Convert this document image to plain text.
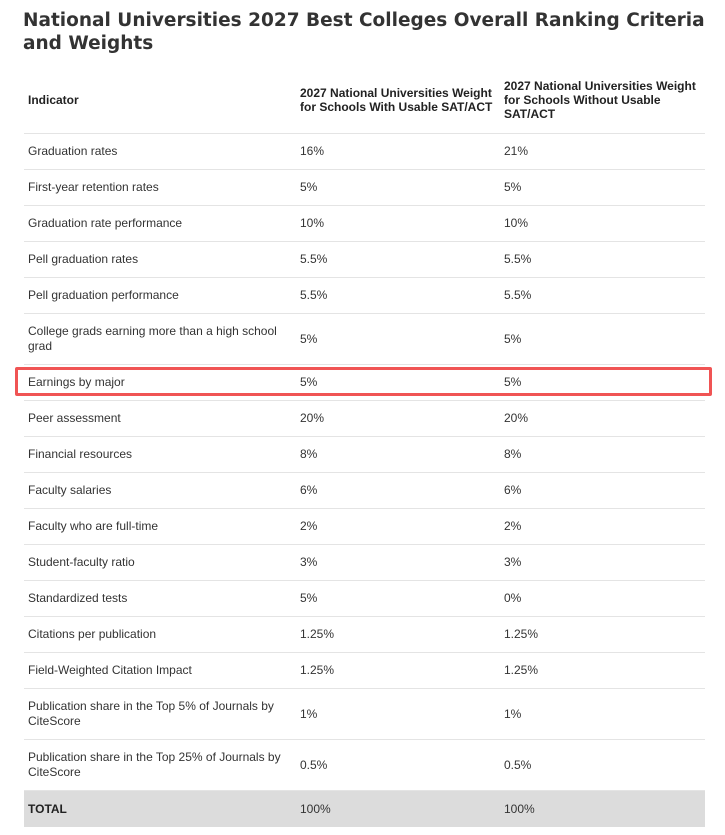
National Universities 2027 Best Colleges Overall Ranking Criteria and Weights
Indicator	2027 National Universities Weight for Schools With Usable SAT/ACT	2027 National Universities Weight for Schools Without Usable SAT/ACT
Graduation rates	16%	21%
First-year retention rates	5%	5%
Graduation rate performance	10%	10%
Pell graduation rates	5.5%	5.5%
Pell graduation performance	5.5%	5.5%
College grads earning more than a high school grad	5%	5%
Earnings by major	5%	5%
Peer assessment	20%	20%
Financial resources	8%	8%
Faculty salaries	6%	6%
Faculty who are full-time	2%	2%
Student-faculty ratio	3%	3%
Standardized tests	5%	0%
Citations per publication	1.25%	1.25%
Field-Weighted Citation Impact	1.25%	1.25%
Publication share in the Top 5% of Journals by CiteScore	1%	1%
Publication share in the Top 25% of Journals by CiteScore	0.5%	0.5%
TOTAL	100%	100%
